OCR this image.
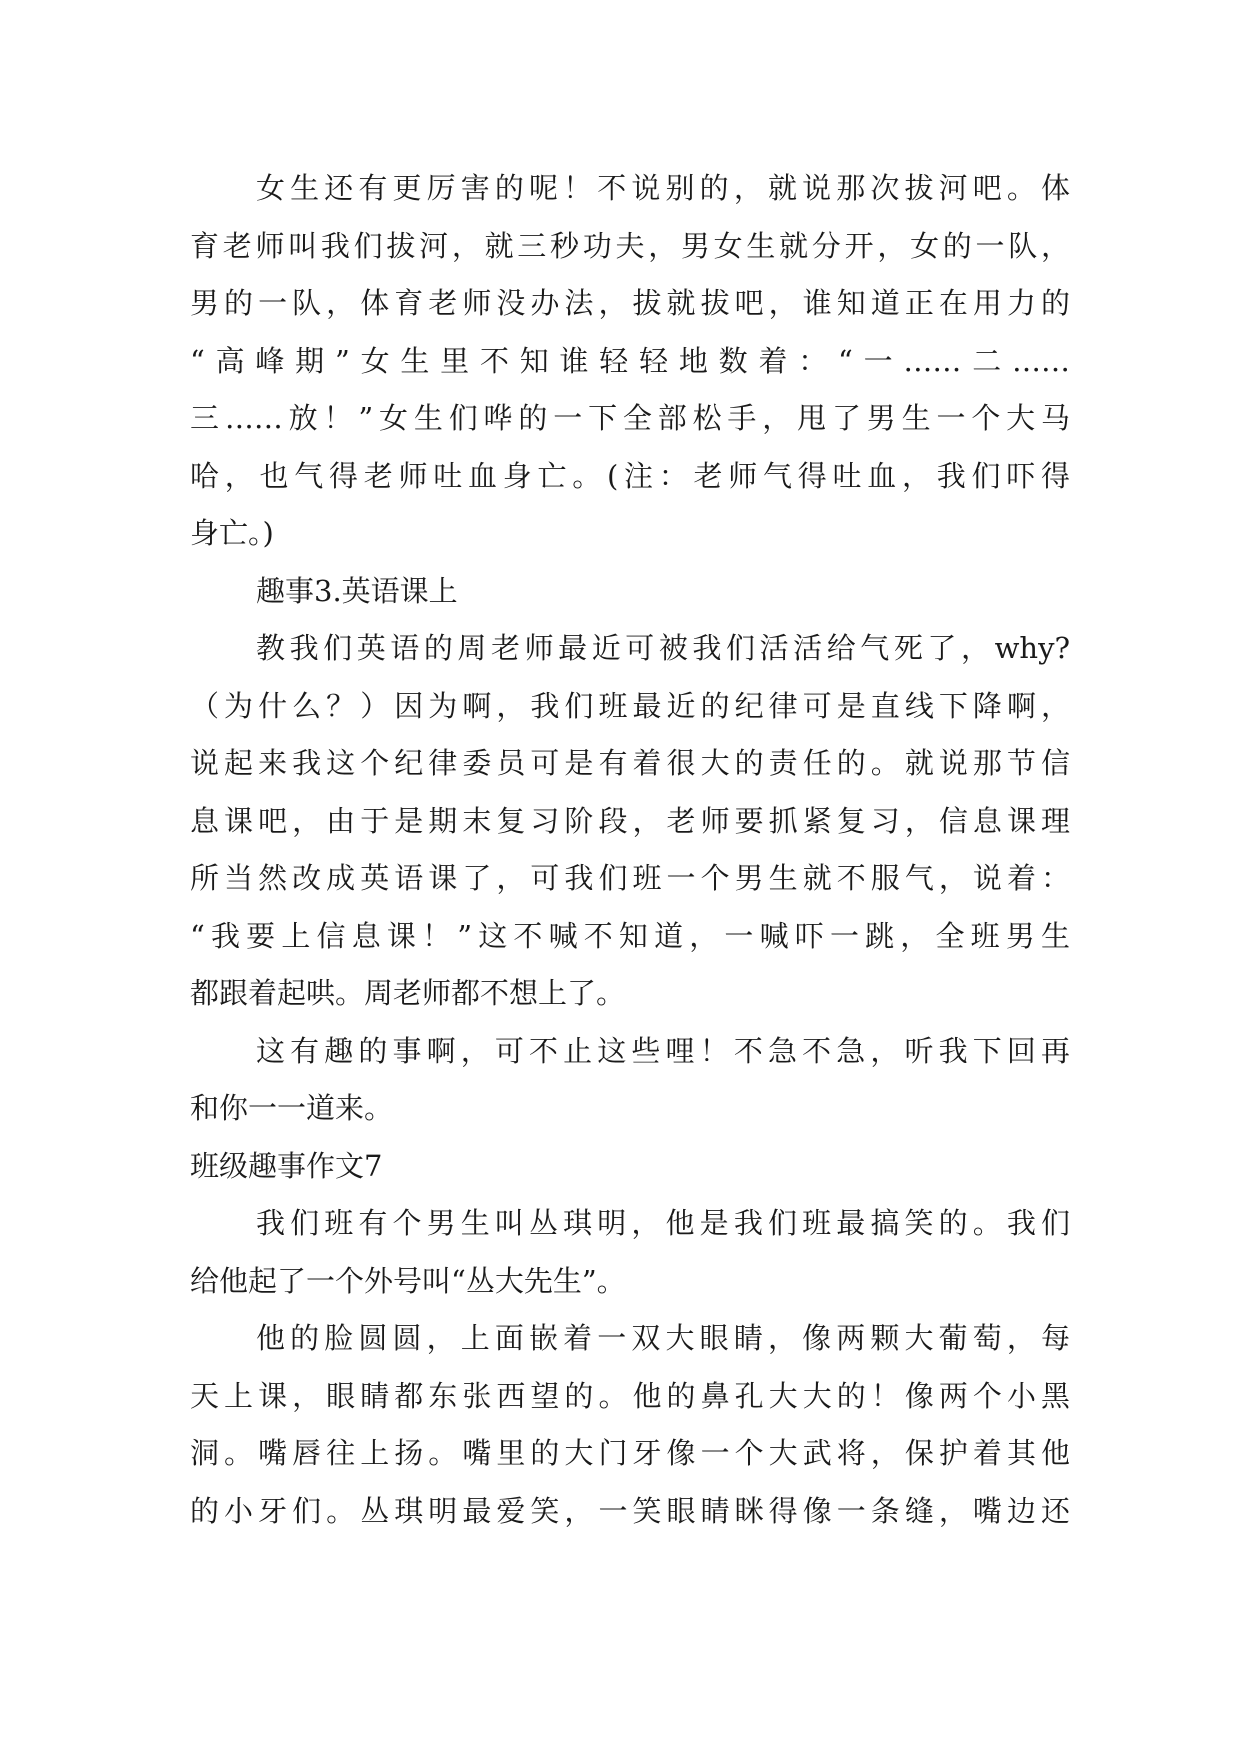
女生还有更厉害的呢！不说别的，就说那次拔河吧。体
育老师叫我们拔河，就三秒功夫，男女生就分开，女的一队，
男的一队，体育老师没办法，拔就拔吧，谁知道正在用力的
“高峰期”女生里不知谁轻轻地数着：“一……二……
三……放！”女生们哗的一下全部松手，甩了男生一个大马
哈，也气得老师吐血身亡。(注：老师气得吐血，我们吓得
身亡。)
趣事3.英语课上
教我们英语的周老师最近可被我们活活给气死了，why?
（为什么？）因为啊，我们班最近的纪律可是直线下降啊，
说起来我这个纪律委员可是有着很大的责任的。就说那节信
息课吧，由于是期末复习阶段，老师要抓紧复习，信息课理
所当然改成英语课了，可我们班一个男生就不服气，说着：
“我要上信息课！”这不喊不知道，一喊吓一跳，全班男生
都跟着起哄。周老师都不想上了。
这有趣的事啊，可不止这些哩！不急不急，听我下回再
和你一一道来。
班级趣事作文7
我们班有个男生叫丛琪明，他是我们班最搞笑的。我们
给他起了一个外号叫“丛大先生”。
他的脸圆圆，上面嵌着一双大眼睛，像两颗大葡萄，每
天上课，眼睛都东张西望的。他的鼻孔大大的！像两个小黑
洞。嘴唇往上扬。嘴里的大门牙像一个大武将，保护着其他
的小牙们。丛琪明最爱笑，一笑眼睛眯得像一条缝，嘴边还
